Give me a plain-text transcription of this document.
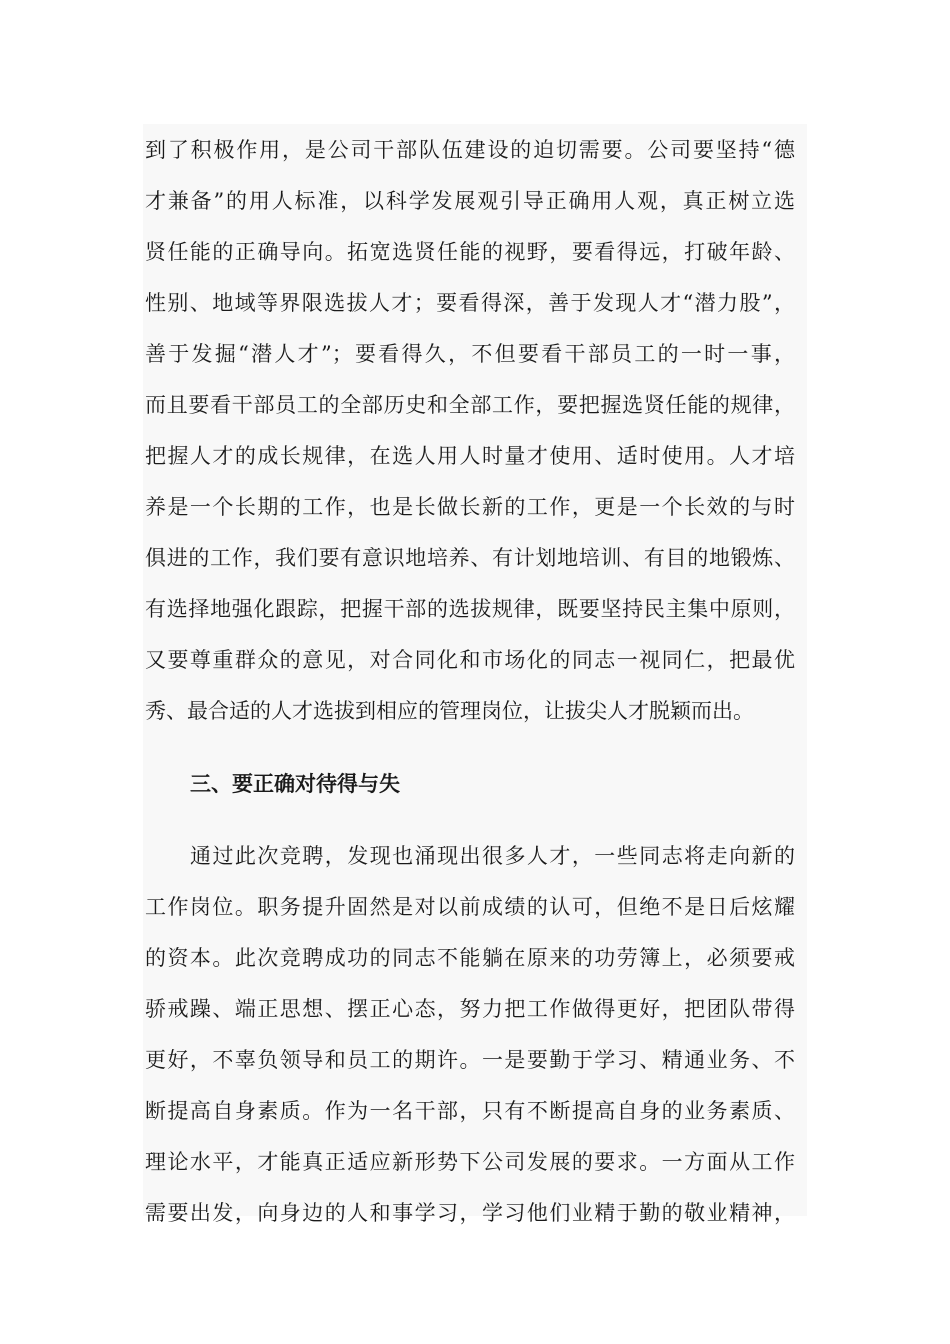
到了积极作用，是公司干部队伍建设的迫切需要。公司要坚持“德
才兼备”的用人标准，以科学发展观引导正确用人观，真正树立选
贤任能的正确导向。拓宽选贤任能的视野，要看得远，打破年龄、
性别、地域等界限选拔人才；要看得深，善于发现人才“潜力股”，
善于发掘“潜人才”；要看得久，不但要看干部员工的一时一事，
而且要看干部员工的全部历史和全部工作，要把握选贤任能的规律，
把握人才的成长规律，在选人用人时量才使用、适时使用。人才培
养是一个长期的工作，也是长做长新的工作，更是一个长效的与时
俱进的工作，我们要有意识地培养、有计划地培训、有目的地锻炼、
有选择地强化跟踪，把握干部的选拔规律，既要坚持民主集中原则，
又要尊重群众的意见，对合同化和市场化的同志一视同仁，把最优
秀、最合适的人才选拔到相应的管理岗位，让拔尖人才脱颖而出。
三、要正确对待得与失
通过此次竞聘，发现也涌现出很多人才，一些同志将走向新的
工作岗位。职务提升固然是对以前成绩的认可，但绝不是日后炫耀
的资本。此次竞聘成功的同志不能躺在原来的功劳簿上，必须要戒
骄戒躁、端正思想、摆正心态，努力把工作做得更好，把团队带得
更好，不辜负领导和员工的期许。一是要勤于学习、精通业务、不
断提高自身素质。作为一名干部，只有不断提高自身的业务素质、
理论水平，才能真正适应新形势下公司发展的要求。一方面从工作
需要出发，向身边的人和事学习，学习他们业精于勤的敬业精神，
